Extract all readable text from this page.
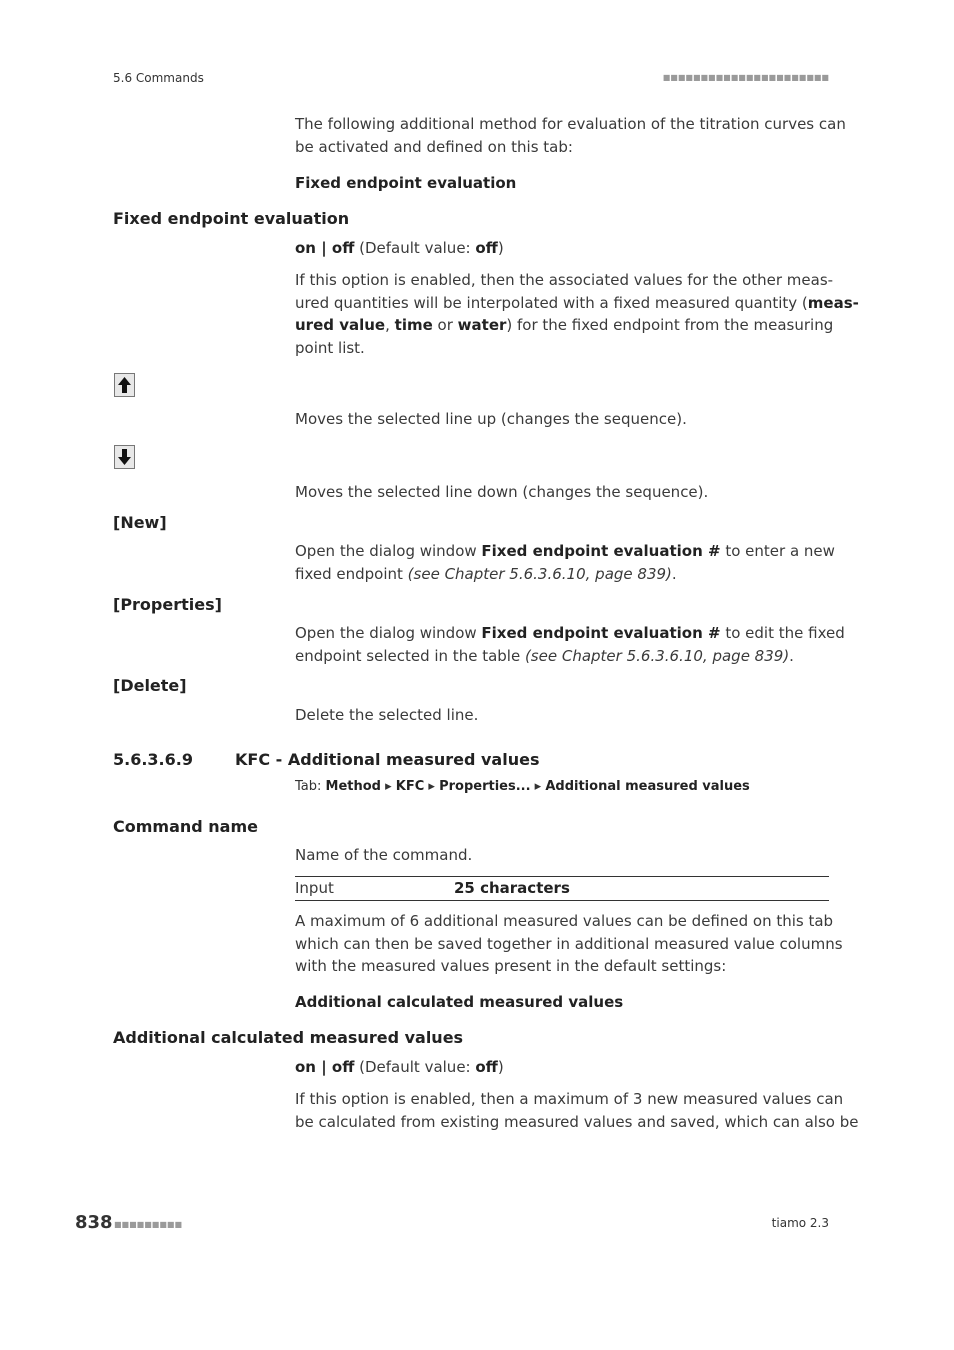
5.6 Commands	■■■■■■■■■■■■■■■■■■■■■■
The following additional method for evaluation of the titration curves can
be activated and defined on this tab:
Fixed endpoint evaluation
Fixed endpoint evaluation
on | off (Default value: off)
If this option is enabled, then the associated values for the other meas-
ured quantities will be interpolated with a fixed measured quantity (meas-
ured value, time or water) for the fixed endpoint from the measuring
point list.
Moves the selected line up (changes the sequence).
Moves the selected line down (changes the sequence).
[New]
Open the dialog window Fixed endpoint evaluation # to enter a new
fixed endpoint (see Chapter 5.6.3.6.10, page 839).
[Properties]
Open the dialog window Fixed endpoint evaluation # to edit the fixed
endpoint selected in the table (see Chapter 5.6.3.6.10, page 839).
[Delete]
Delete the selected line.
5.6.3.6.9	KFC - Additional measured values
Tab: Method ▸ KFC ▸ Properties... ▸ Additional measured values
Command name
Name of the command.
Input	25 characters
A maximum of 6 additional measured values can be defined on this tab
which can then be saved together in additional measured value columns
with the measured values present in the default settings:
Additional calculated measured values
Additional calculated measured values
on | off (Default value: off)
If this option is enabled, then a maximum of 3 new measured values can
be calculated from existing measured values and saved, which can also be
838 ■■■■■■■■■	tiamo 2.3
